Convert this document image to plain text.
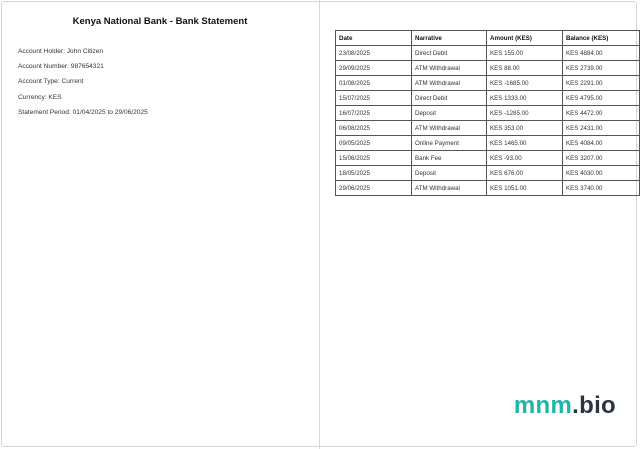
Kenya National Bank - Bank Statement
Account Holder: John Citizen
Account Number: 987654321
Account Type: Current
Currency: KES
Statement Period: 01/04/2025 to 29/06/2025
Date	Narrative	Amount (KES)	Balance (KES)
23/08/2025	Direct Debit	KES 155.00	KES 4884.00
29/09/2025	ATM Withdrawal	KES 88.00	KES 2739.00
01/08/2025	ATM Withdrawal	KES -1685.00	KES 2291.00
15/07/2025	Direct Debit	KES 1333.00	KES 4795.00
16/07/2025	Deposit	KES -1285.00	KES 4472.00
06/08/2025	ATM Withdrawal	KES 353.00	KES 2431.00
09/05/2025	Online Payment	KES 1465.00	KES 4084.00
15/06/2025	Bank Fee	KES -93.00	KES 3207.00
18/05/2025	Deposit	KES 676.00	KES 4030.00
29/06/2025	ATM Withdrawal	KES 1051.00	KES 3740.00
mnm.bio
